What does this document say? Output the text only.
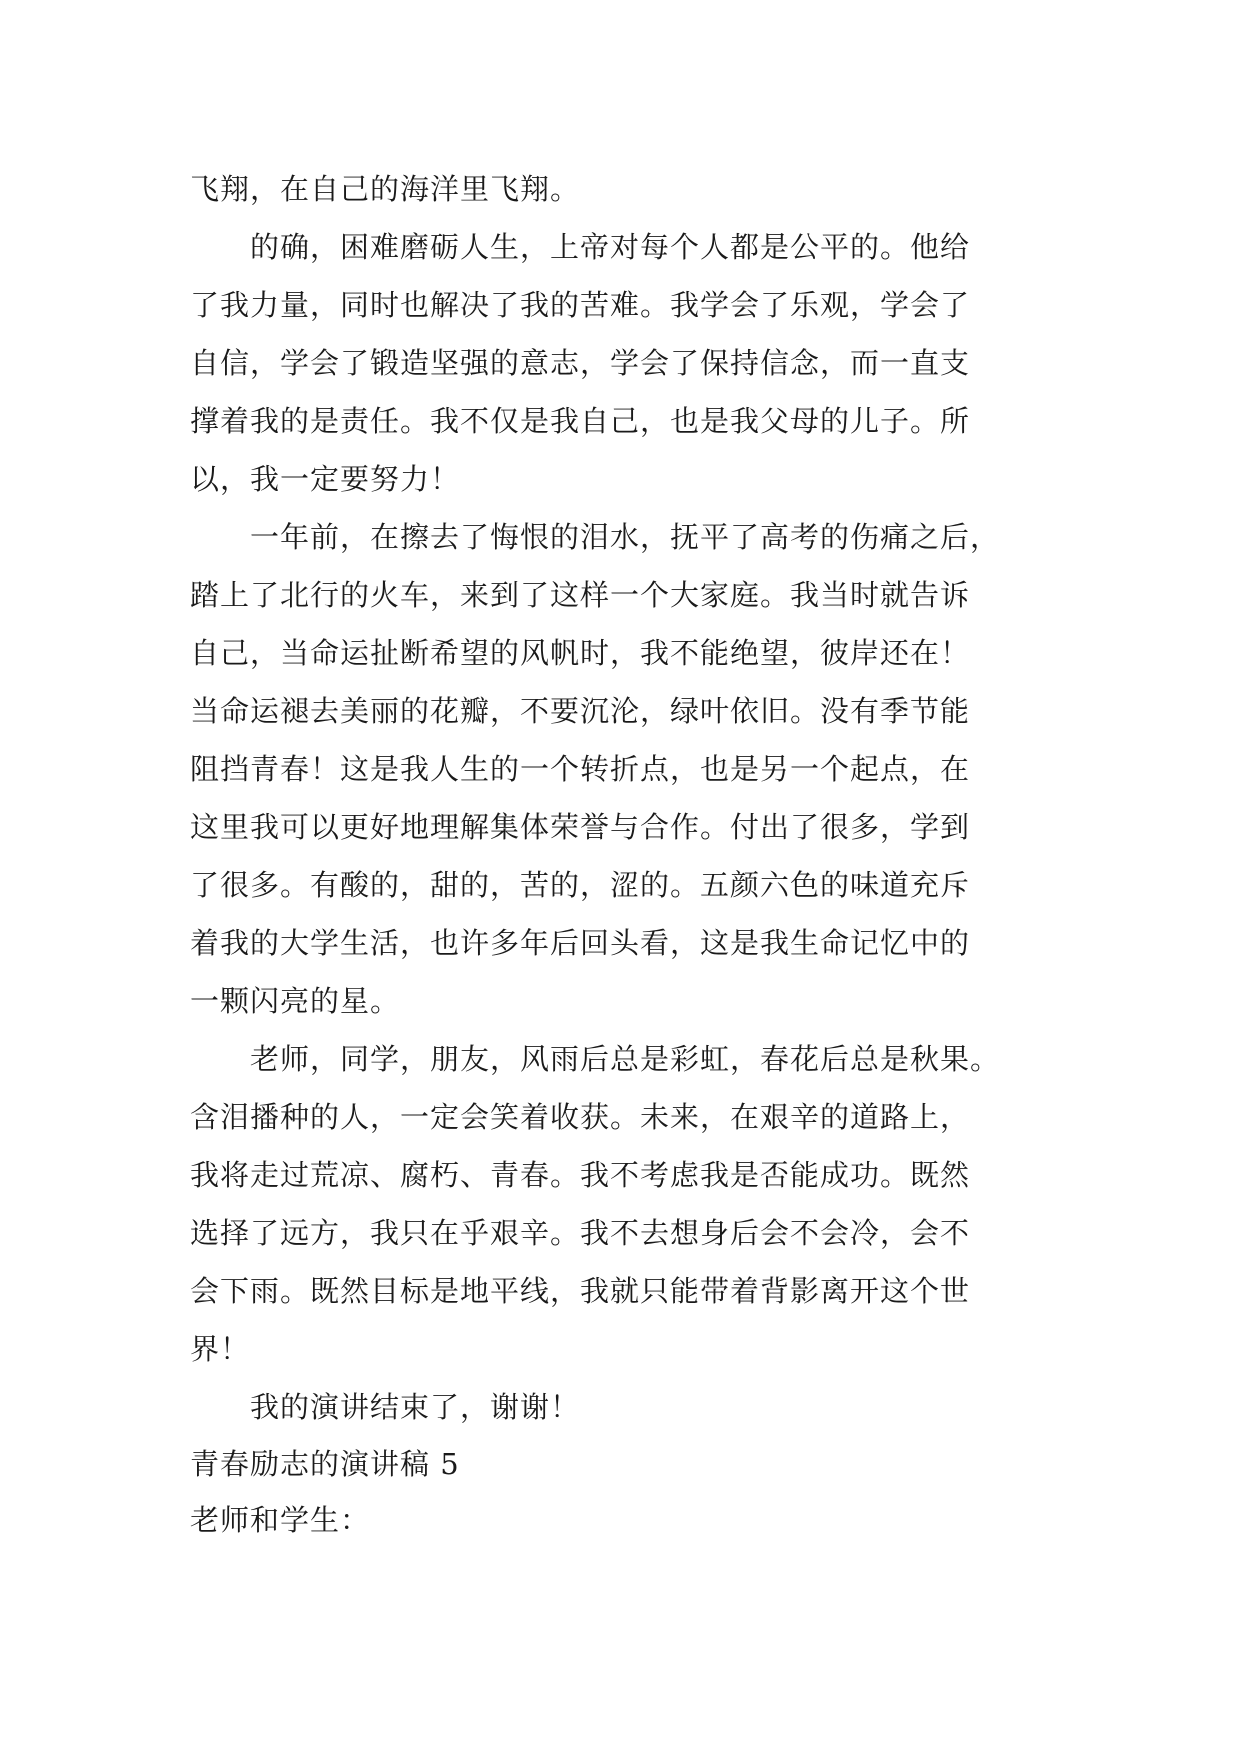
飞翔，在自己的海洋里飞翔。
　　的确，困难磨砺人生，上帝对每个人都是公平的。他给
了我力量，同时也解决了我的苦难。我学会了乐观，学会了
自信，学会了锻造坚强的意志，学会了保持信念，而一直支
撑着我的是责任。我不仅是我自己，也是我父母的儿子。所
以，我一定要努力！
　　一年前，在擦去了悔恨的泪水，抚平了高考的伤痛之后，
踏上了北行的火车，来到了这样一个大家庭。我当时就告诉
自己，当命运扯断希望的风帆时，我不能绝望，彼岸还在！
当命运褪去美丽的花瓣，不要沉沦，绿叶依旧。没有季节能
阻挡青春！这是我人生的一个转折点，也是另一个起点，在
这里我可以更好地理解集体荣誉与合作。付出了很多，学到
了很多。有酸的，甜的，苦的，涩的。五颜六色的味道充斥
着我的大学生活，也许多年后回头看，这是我生命记忆中的
一颗闪亮的星。
　　老师，同学，朋友，风雨后总是彩虹，春花后总是秋果。
含泪播种的人，一定会笑着收获。未来，在艰辛的道路上，
我将走过荒凉、腐朽、青春。我不考虑我是否能成功。既然
选择了远方，我只在乎艰辛。我不去想身后会不会冷，会不
会下雨。既然目标是地平线，我就只能带着背影离开这个世
界！
　　我的演讲结束了，谢谢！
青春励志的演讲稿 5
老师和学生：
